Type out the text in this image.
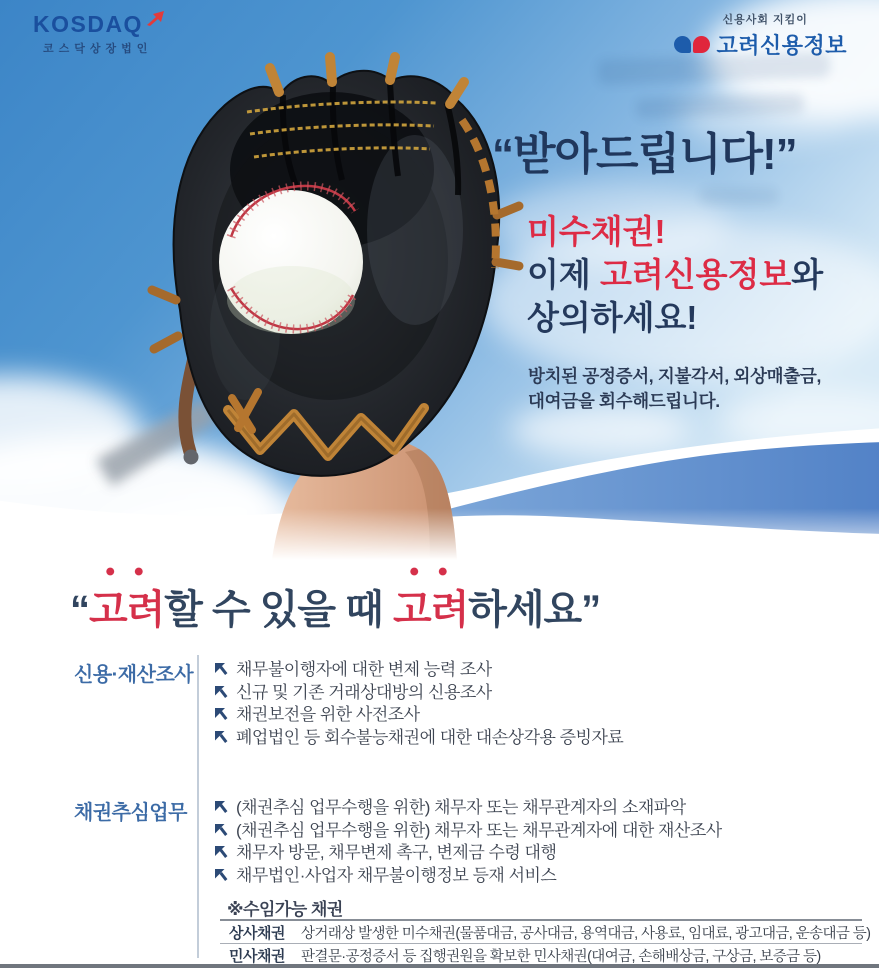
KOSDAQ
코스닥상장법인
신용사회 지킴이
고려신용정보
“받아드립니다!”
미수채권!
이제 고려신용정보와
상의하세요!
방치된 공정증서, 지불각서, 외상매출금,
대여금을 회수해드립니다.
“
고려할 수 있을 때
고려하세요”
신용·재산조사	채무불이행자에 대한 변제 능력 조사
신규 및 기존 거래상대방의 신용조사
채권보전을 위한 사전조사
폐업법인 등 회수불능채권에 대한 대손상각용 증빙자료
채권추심업무	(채권추심 업무수행을 위한) 채무자 또는 채무관계자의 소재파악
(채권추심 업무수행을 위한) 채무자 또는 채무관계자에 대한 재산조사
채무자 방문, 채무변제 촉구, 변제금 수령 대행
채무법인·사업자 채무불이행정보 등재 서비스
※수임가능 채권
상사채권	상거래상 발생한 미수채권(물품대금, 공사대금, 용역대금, 사용료, 임대료, 광고대금, 운송대금 등)
민사채권	판결문·공정증서 등 집행권원을 확보한 민사채권(대여금, 손해배상금, 구상금, 보증금 등)
